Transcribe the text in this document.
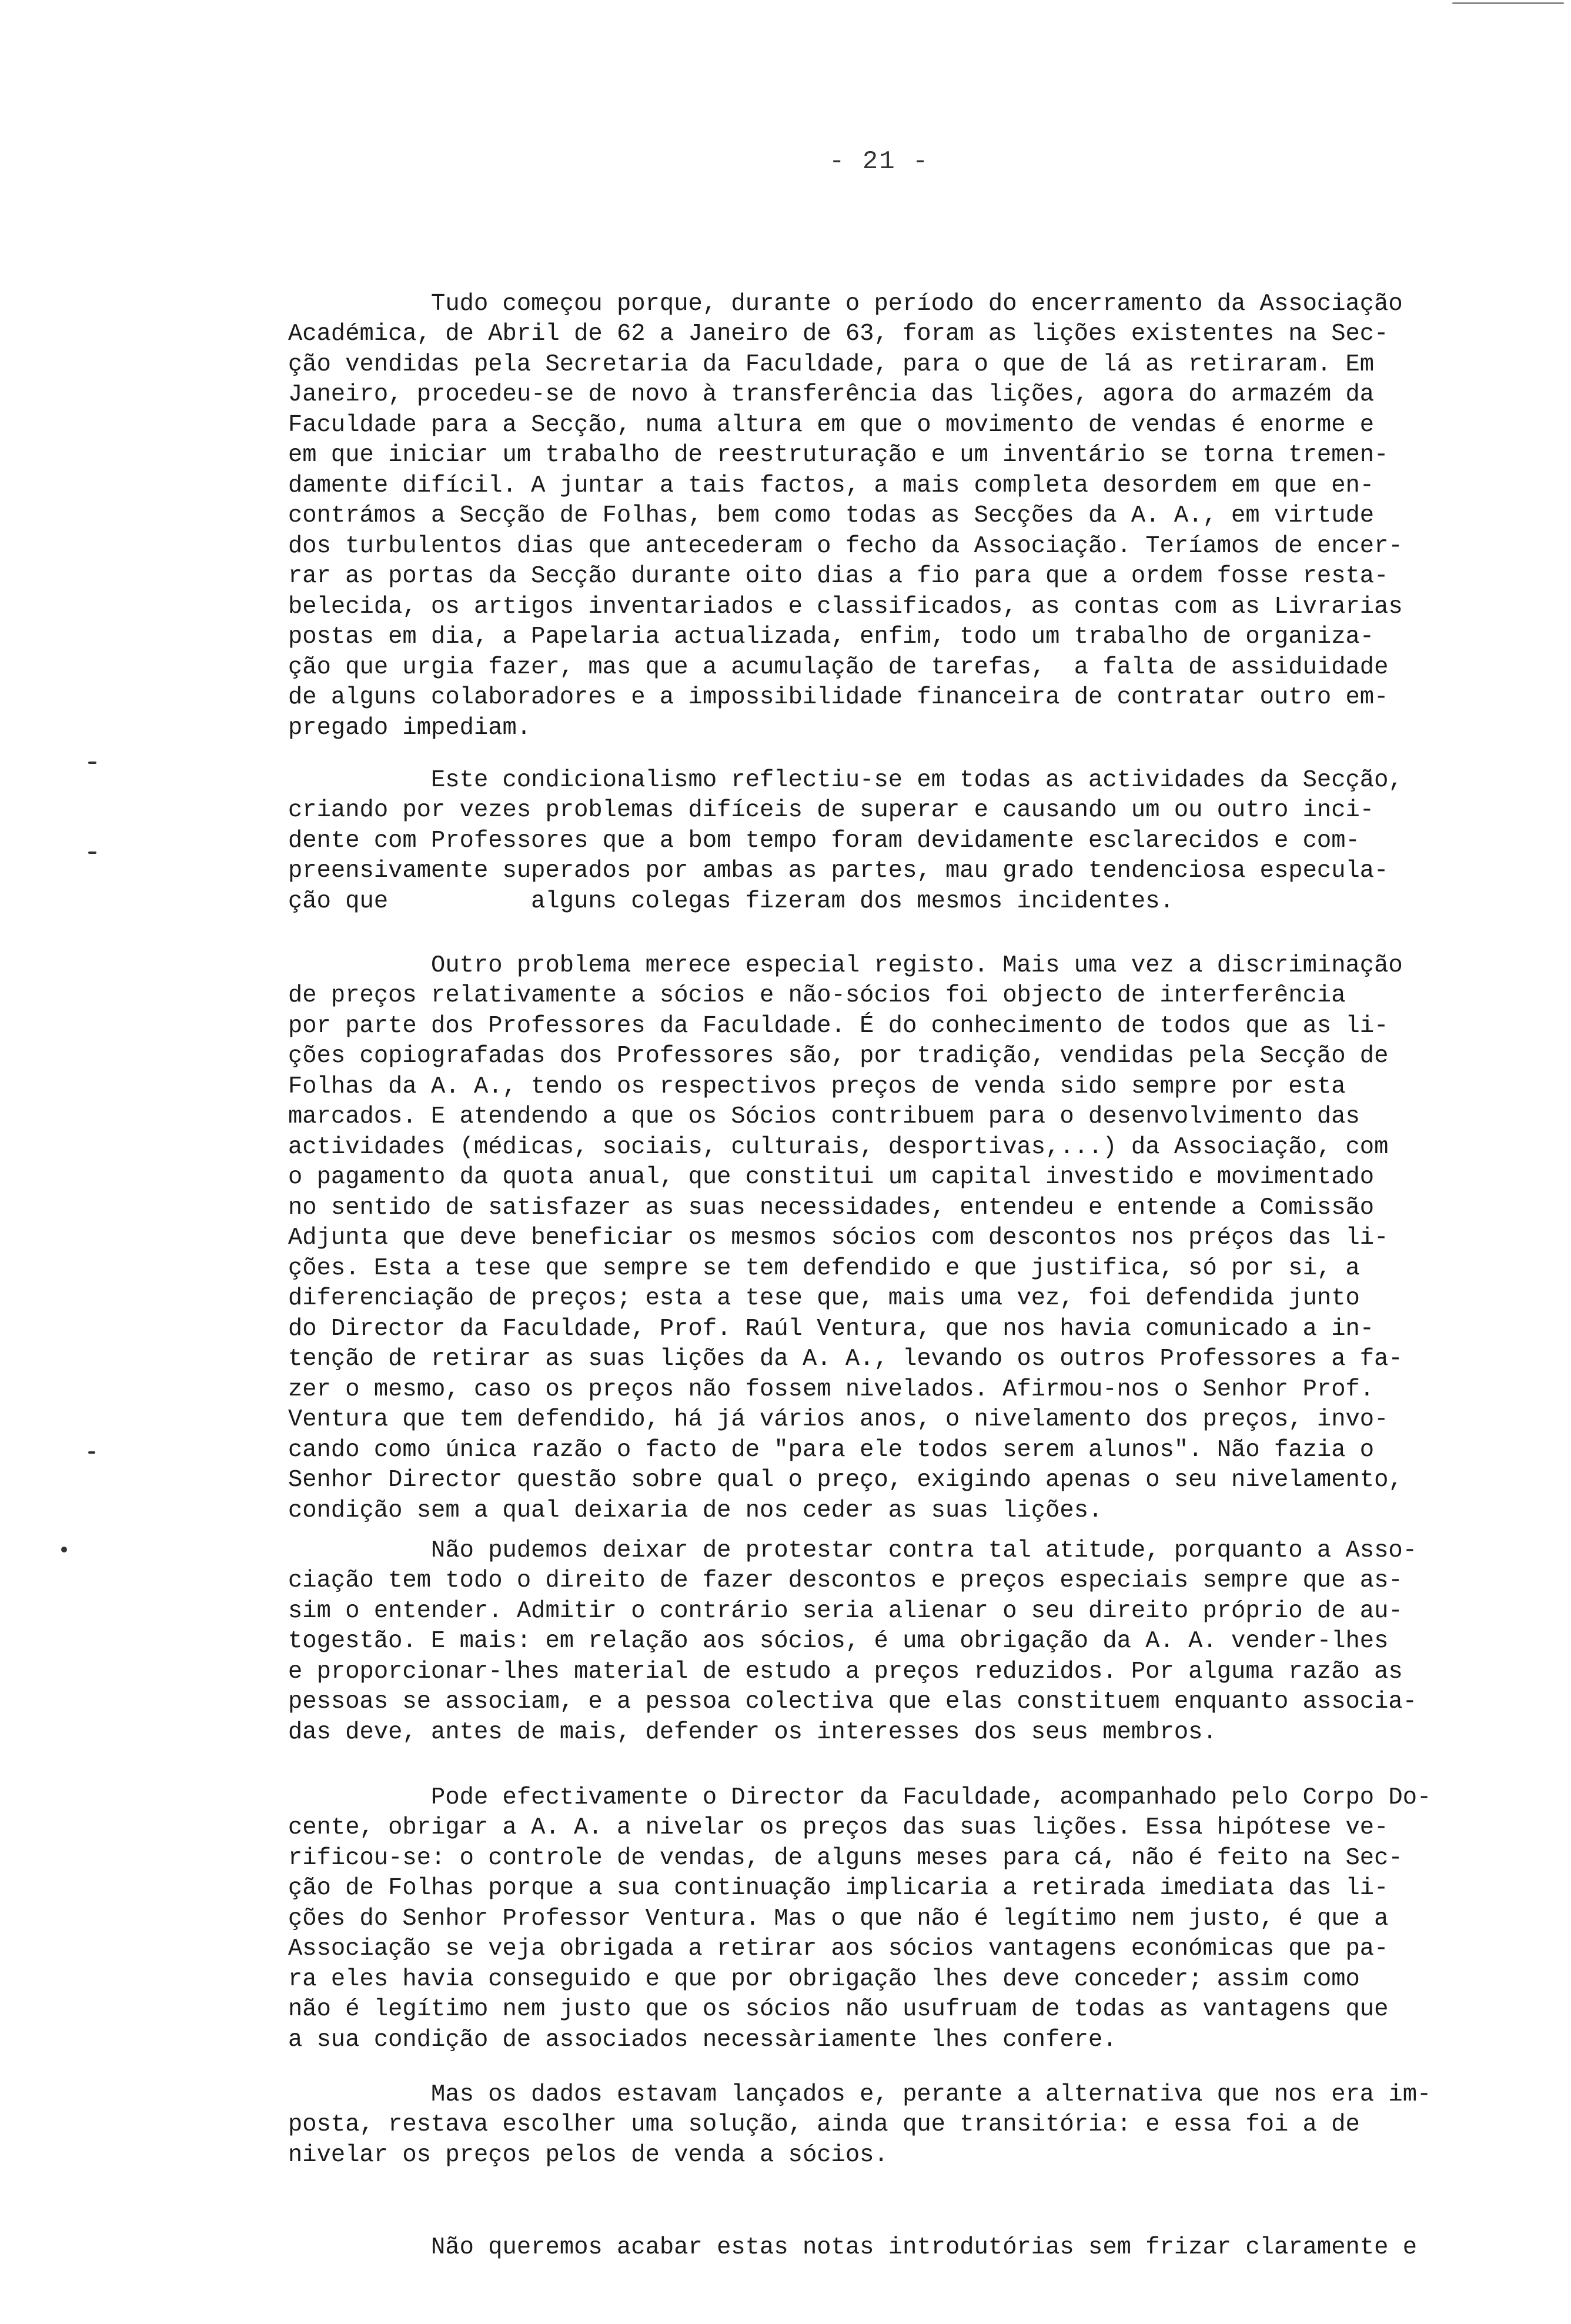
- 21 -

Tudo começou porque, durante o período do encerramento da Associação
Académica, de Abril de 62 a Janeiro de 63, foram as lições existentes na Sec-
ção vendidas pela Secretaria da Faculdade, para o que de lá as retiraram. Em
Janeiro, procedeu-se de novo à transferência das lições, agora do armazém da
Faculdade para a Secção, numa altura em que o movimento de vendas é enorme e
em que iniciar um trabalho de reestruturação e um inventário se torna tremen-
damente difícil. A juntar a tais factos, a mais completa desordem em que en-
contrámos a Secção de Folhas, bem como todas as Secções da A. A., em virtude
dos turbulentos dias que antecederam o fecho da Associação. Teríamos de encer-
rar as portas da Secção durante oito dias a fio para que a ordem fosse resta-
belecida, os artigos inventariados e classificados, as contas com as Livrarias
postas em dia, a Papelaria actualizada, enfim, todo um trabalho de organiza-
ção que urgia fazer, mas que a acumulação de tarefas,  a falta de assiduidade
de alguns colaboradores e a impossibilidade financeira de contratar outro em-
pregado impediam.

Este condicionalismo reflectiu-se em todas as actividades da Secção,
criando por vezes problemas difíceis de superar e causando um ou outro inci-
dente com Professores que a bom tempo foram devidamente esclarecidos e com-
preensivamente superados por ambas as partes, mau grado tendenciosa especula-
ção que          alguns colegas fizeram dos mesmos incidentes.

Outro problema merece especial registo. Mais uma vez a discriminação
de preços relativamente a sócios e não-sócios foi objecto de interferência
por parte dos Professores da Faculdade. É do conhecimento de todos que as li-
ções copiografadas dos Professores são, por tradição, vendidas pela Secção de
Folhas da A. A., tendo os respectivos preços de venda sido sempre por esta
marcados. E atendendo a que os Sócios contribuem para o desenvolvimento das
actividades (médicas, sociais, culturais, desportivas,...) da Associação, com
o pagamento da quota anual, que constitui um capital investido e movimentado
no sentido de satisfazer as suas necessidades, entendeu e entende a Comissão
Adjunta que deve beneficiar os mesmos sócios com descontos nos préços das li-
ções. Esta a tese que sempre se tem defendido e que justifica, só por si, a
diferenciação de preços; esta a tese que, mais uma vez, foi defendida junto
do Director da Faculdade, Prof. Raúl Ventura, que nos havia comunicado a in-
tenção de retirar as suas lições da A. A., levando os outros Professores a fa-
zer o mesmo, caso os preços não fossem nivelados. Afirmou-nos o Senhor Prof.
Ventura que tem defendido, há já vários anos, o nivelamento dos preços, invo-
cando como única razão o facto de "para ele todos serem alunos". Não fazia o
Senhor Director questão sobre qual o preço, exigindo apenas o seu nivelamento,
condição sem a qual deixaria de nos ceder as suas lições.

Não pudemos deixar de protestar contra tal atitude, porquanto a Asso-
ciação tem todo o direito de fazer descontos e preços especiais sempre que as-
sim o entender. Admitir o contrário seria alienar o seu direito próprio de au-
togestão. E mais: em relação aos sócios, é uma obrigação da A. A. vender-lhes
e proporcionar-lhes material de estudo a preços reduzidos. Por alguma razão as
pessoas se associam, e a pessoa colectiva que elas constituem enquanto associa-
das deve, antes de mais, defender os interesses dos seus membros.

Pode efectivamente o Director da Faculdade, acompanhado pelo Corpo Do-
cente, obrigar a A. A. a nivelar os preços das suas lições. Essa hipótese ve-
rificou-se: o controle de vendas, de alguns meses para cá, não é feito na Sec-
ção de Folhas porque a sua continuação implicaria a retirada imediata das li-
ções do Senhor Professor Ventura. Mas o que não é legítimo nem justo, é que a
Associação se veja obrigada a retirar aos sócios vantagens económicas que pa-
ra eles havia conseguido e que por obrigação lhes deve conceder; assim como
não é legítimo nem justo que os sócios não usufruam de todas as vantagens que
a sua condição de associados necessàriamente lhes confere.

Mas os dados estavam lançados e, perante a alternativa que nos era im-
posta, restava escolher uma solução, ainda que transitória: e essa foi a de
nivelar os preços pelos de venda a sócios.

Não queremos acabar estas notas introdutórias sem frizar claramente e
